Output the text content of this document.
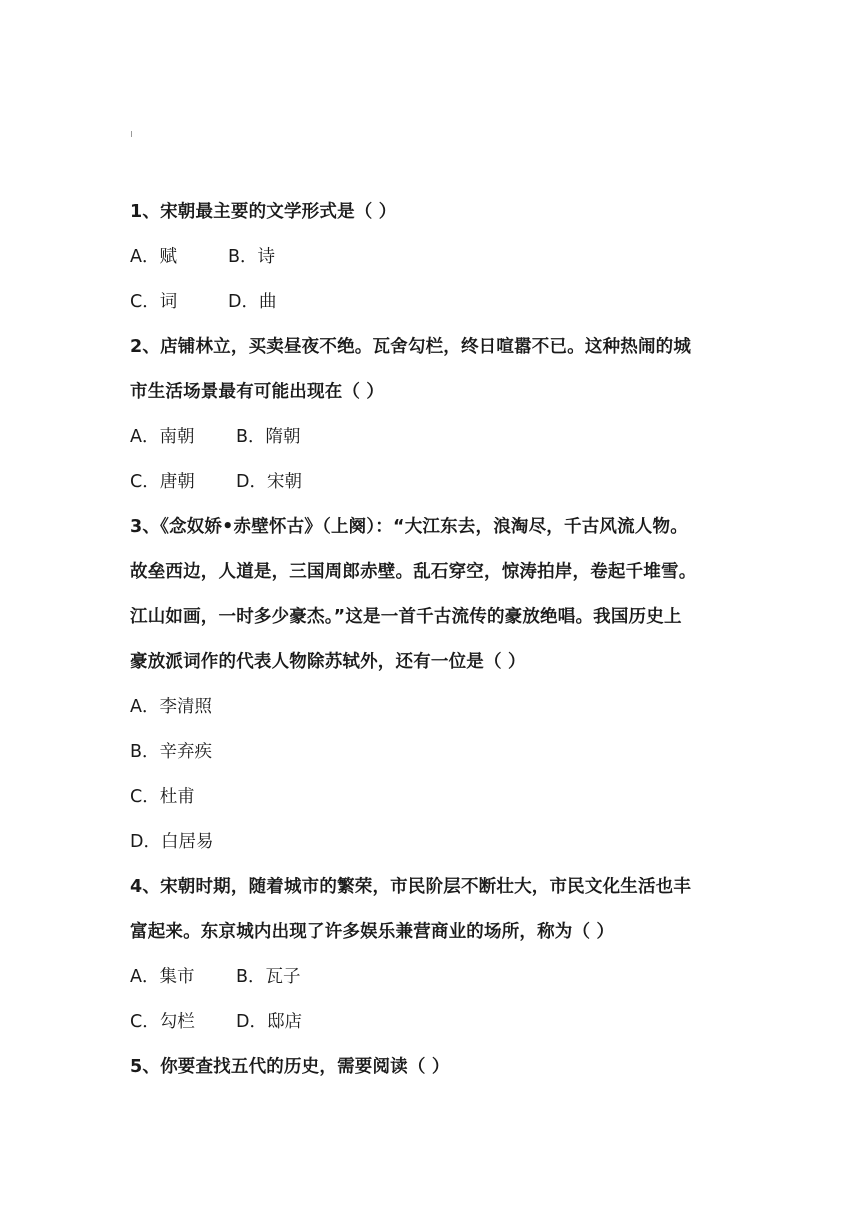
1、宋朝最主要的文学形式是（ ）
A．赋	B．诗
C．词	D．曲
2、店铺林立，买卖昼夜不绝。瓦舍勾栏，终日喧嚣不已。这种热闹的城
市生活场景最有可能出现在（ ）
A．南朝 B．隋朝
C．唐朝 D．宋朝
3、《念奴娇•赤壁怀古》（上阕）：“大江东去，浪淘尽，千古风流人物。
故垒西边，人道是，三国周郎赤壁。乱石穿空，惊涛拍岸，卷起千堆雪。
江山如画，一时多少豪杰。”这是一首千古流传的豪放绝唱。我国历史上
豪放派词作的代表人物除苏轼外，还有一位是（ ）
A．李清照
B．辛弃疾
C．杜甫
D．白居易
4、宋朝时期，随着城市的繁荣，市民阶层不断壮大，市民文化生活也丰
富起来。东京城内出现了许多娱乐兼营商业的场所，称为（ ）
A．集市 B．瓦子
C．勾栏 D．邸店
5、你要查找五代的历史，需要阅读（ ）
